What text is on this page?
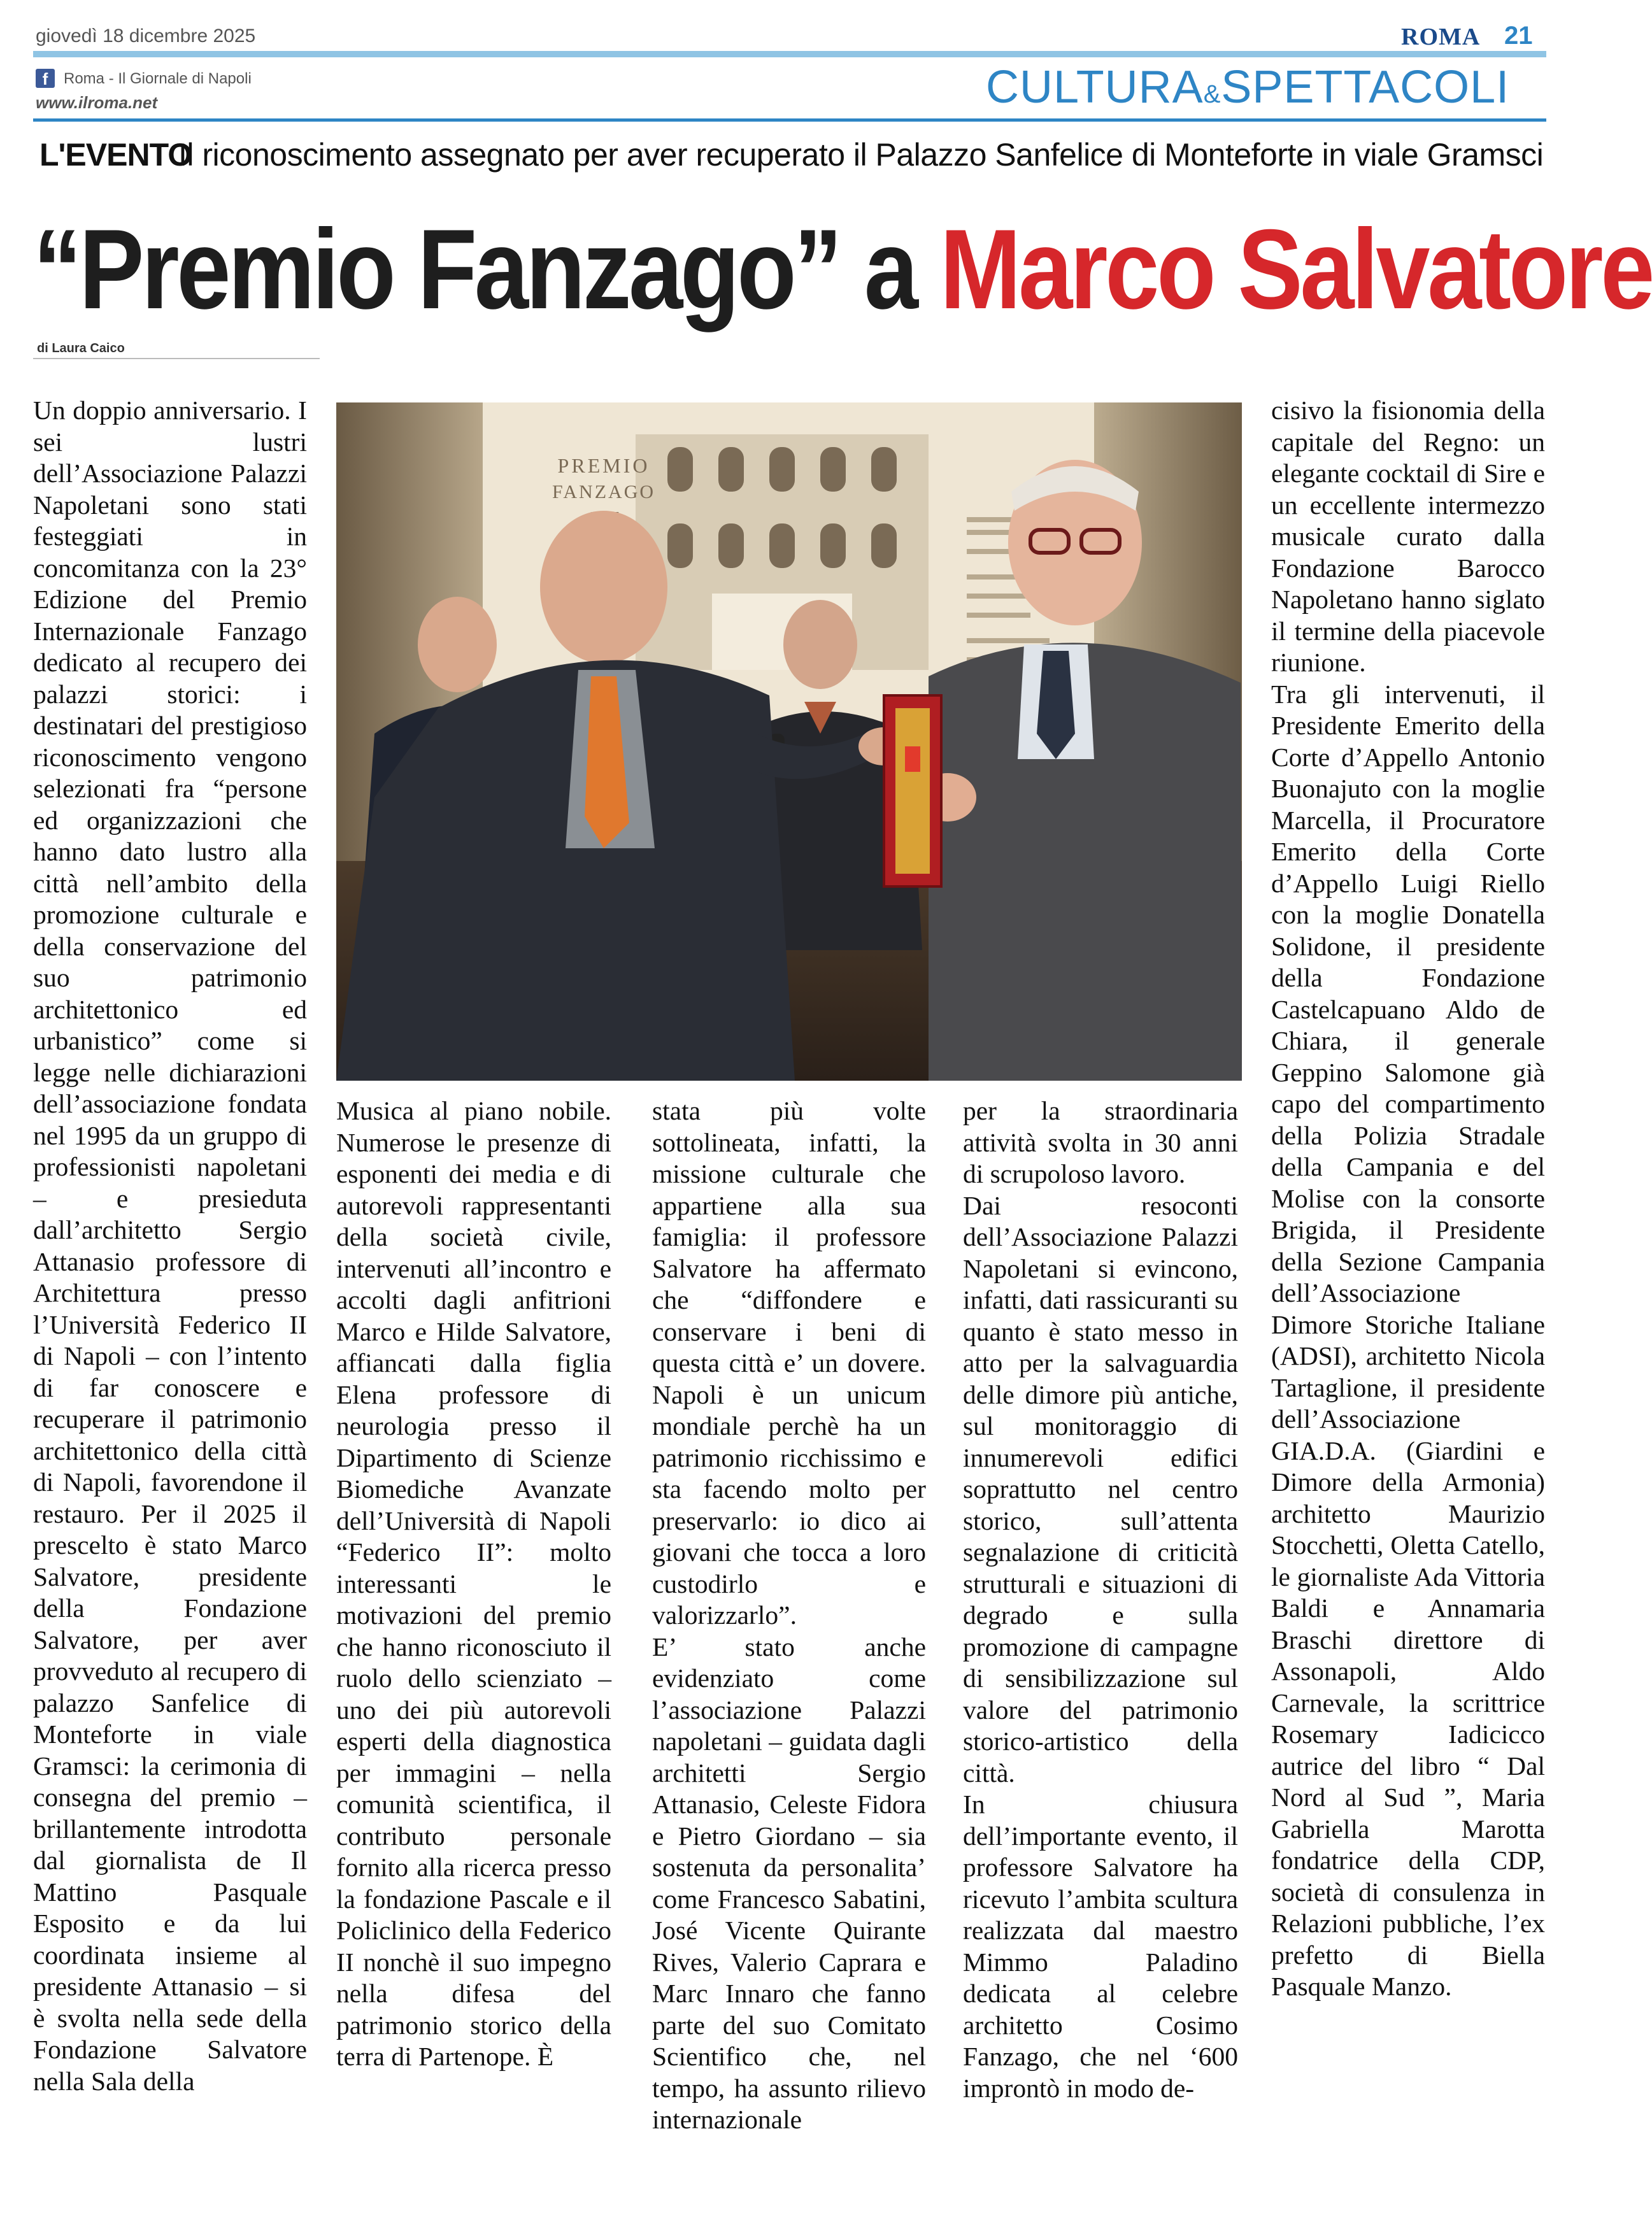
giovedì 18 dicembre 2025
f	Roma - Il Giornale di Napoli
www.ilroma.net
ROMA 21
CULTURA&SPETTACOLI
L'EVENTO
Il riconoscimento assegnato per aver recuperato il Palazzo Sanfelice di Monteforte in viale Gramsci
“Premio Fanzago” a Marco Salvatore
di Laura Caico
PREMIO
FANZAGO

Un doppio anniversario. I sei lustri dell’Associazione Palazzi Napoletani sono stati festeggiati in concomitanza con la 23° Edizione del Premio Internazionale Fanzago dedicato al recupero dei palazzi storici: i destinatari del prestigioso riconoscimento vengono selezionati fra “persone ed organizzazioni che hanno dato lustro alla città nell’ambito della promozione culturale e della conservazione del suo patrimonio architettonico ed urbanistico” come si legge nelle dichiarazioni dell’associazione fondata nel 1995 da un gruppo di professionisti napoletani – e presieduta dall’architetto Sergio Attanasio professore di Architettura presso l’Università Federico II di Napoli – con l’intento di far conoscere e recuperare il patrimonio architettonico della città di Napoli, favorendone il restauro. Per il 2025 il prescelto è stato Marco Salvatore, presidente della Fondazione Salvatore, per aver provveduto al recupero di palazzo Sanfelice di Monteforte in viale Gramsci: la cerimonia di consegna del premio – brillantemente introdotta dal giornalista de Il Mattino Pasquale Esposito e da lui coordinata insieme al presidente Attanasio – si è svolta nella sede della Fondazione Salvatore nella Sala della

Musica al piano nobile. Numerose le presenze di esponenti dei media e di autorevoli rappresentanti della società civile, intervenuti all’incontro e accolti dagli anfitrioni Marco e Hilde Salvatore, affiancati dalla figlia Elena professore di neurologia presso il Dipartimento di Scienze Biomediche Avanzate dell’Università di Napoli “Federico II”: molto interessanti le motivazioni del premio che hanno riconosciuto il ruolo dello scienziato – uno dei più autorevoli esperti della diagnostica per immagini – nella comunità scientifica, il contributo personale fornito alla ricerca presso la fondazione Pascale e il Policlinico della Federico II nonchè il suo impegno nella difesa del patrimonio storico della terra di Partenope. È

stata più volte sottolineata, infatti, la missione culturale che appartiene alla sua famiglia: il professore Salvatore ha affermato che “diffondere e conservare i beni di questa città e’ un dovere. Napoli è un unicum mondiale perchè ha un patrimonio ricchissimo e sta facendo molto per preservarlo: io dico ai giovani che tocca a loro custodirlo e valorizzarlo”.

E’ stato anche evidenziato come l’associazione Palazzi napoletani – guidata dagli architetti Sergio Attanasio, Celeste Fidora e Pietro Giordano – sia sostenuta da personalita’ come Francesco Sabatini, José Vicente Quirante Rives, Valerio Caprara e Marc Innaro che fanno parte del suo Comitato Scientifico che, nel tempo, ha assunto rilievo internazionale

per la straordinaria attività svolta in 30 anni di scrupoloso lavoro.

Dai resoconti dell’Associazione Palazzi Napoletani si evincono, infatti, dati rassicuranti su quanto è stato messo in atto per la salvaguardia delle dimore più antiche, sul monitoraggio di innumerevoli edifici soprattutto nel centro storico, sull’attenta segnalazione di criticità strutturali e situazioni di degrado e sulla promozione di campagne di sensibilizzazione sul valore del patrimonio storico-artistico della città.

In chiusura dell’importante evento, il professore Salvatore ha ricevuto l’ambita scultura realizzata dal maestro Mimmo Paladino dedicata al celebre architetto Cosimo Fanzago, che nel ‘600 improntò in modo de-

cisivo la fisionomia della capitale del Regno: un elegante cocktail di Sire e un eccellente intermezzo musicale curato dalla Fondazione Barocco Napoletano hanno siglato il termine della piacevole riunione.

Tra gli intervenuti, il Presidente Emerito della Corte d’Appello Antonio Buonajuto con la moglie Marcella, il Procuratore Emerito della Corte d’Appello Luigi Riello con la moglie Donatella Solidone, il presidente della Fondazione Castelcapuano Aldo de Chiara, il generale Geppino Salomone già capo del compartimento della Polizia Stradale della Campania e del Molise con la consorte Brigida, il Presidente della Sezione Campania dell’Associazione Dimore Storiche Italiane (ADSI), architetto Nicola Tartaglione, il presidente dell’Associazione GIA.D.A. (Giardini e Dimore della Armonia) architetto Maurizio Stocchetti, Oletta Catello, le giornaliste Ada Vittoria Baldi e Annamaria Braschi direttore di Assonapoli, Aldo Carnevale, la scrittrice Rosemary Iadicicco autrice del libro “ Dal Nord al Sud ”, Maria Gabriella Marotta fondatrice della CDP, società di consulenza in Relazioni pubbliche, l’ex prefetto di Biella Pasquale Manzo.
